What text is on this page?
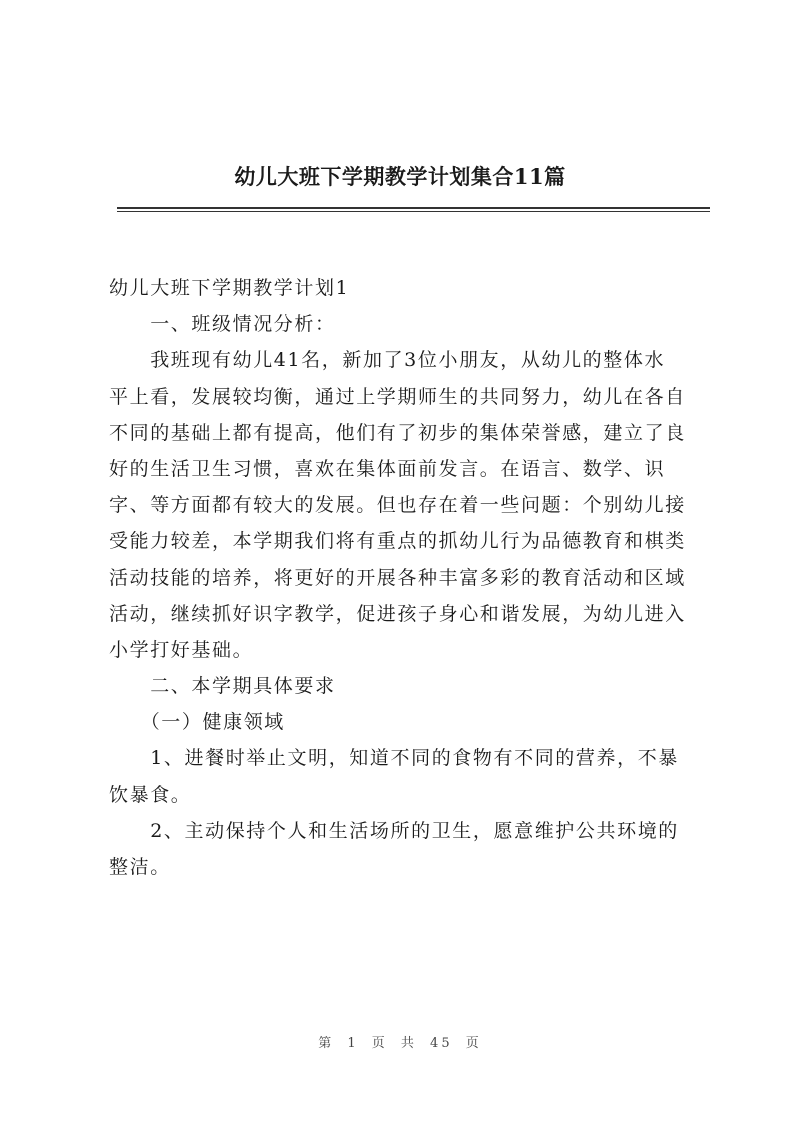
幼儿大班下学期教学计划集合11篇
幼儿大班下学期教学计划1
　　一、班级情况分析：
　　我班现有幼儿41名，新加了3位小朋友，从幼儿的整体水
平上看，发展较均衡，通过上学期师生的共同努力，幼儿在各自
不同的基础上都有提高，他们有了初步的集体荣誉感，建立了良
好的生活卫生习惯，喜欢在集体面前发言。在语言、数学、识
字、等方面都有较大的发展。但也存在着一些问题：个别幼儿接
受能力较差，本学期我们将有重点的抓幼儿行为品德教育和棋类
活动技能的培养，将更好的开展各种丰富多彩的教育活动和区域
活动，继续抓好识字教学，促进孩子身心和谐发展，为幼儿进入
小学打好基础。
　　二、本学期具体要求
　　（一）健康领域
　　1、进餐时举止文明，知道不同的食物有不同的营养，不暴
饮暴食。
　　2、主动保持个人和生活场所的卫生，愿意维护公共环境的
整洁。
第 1 页 共 45 页
